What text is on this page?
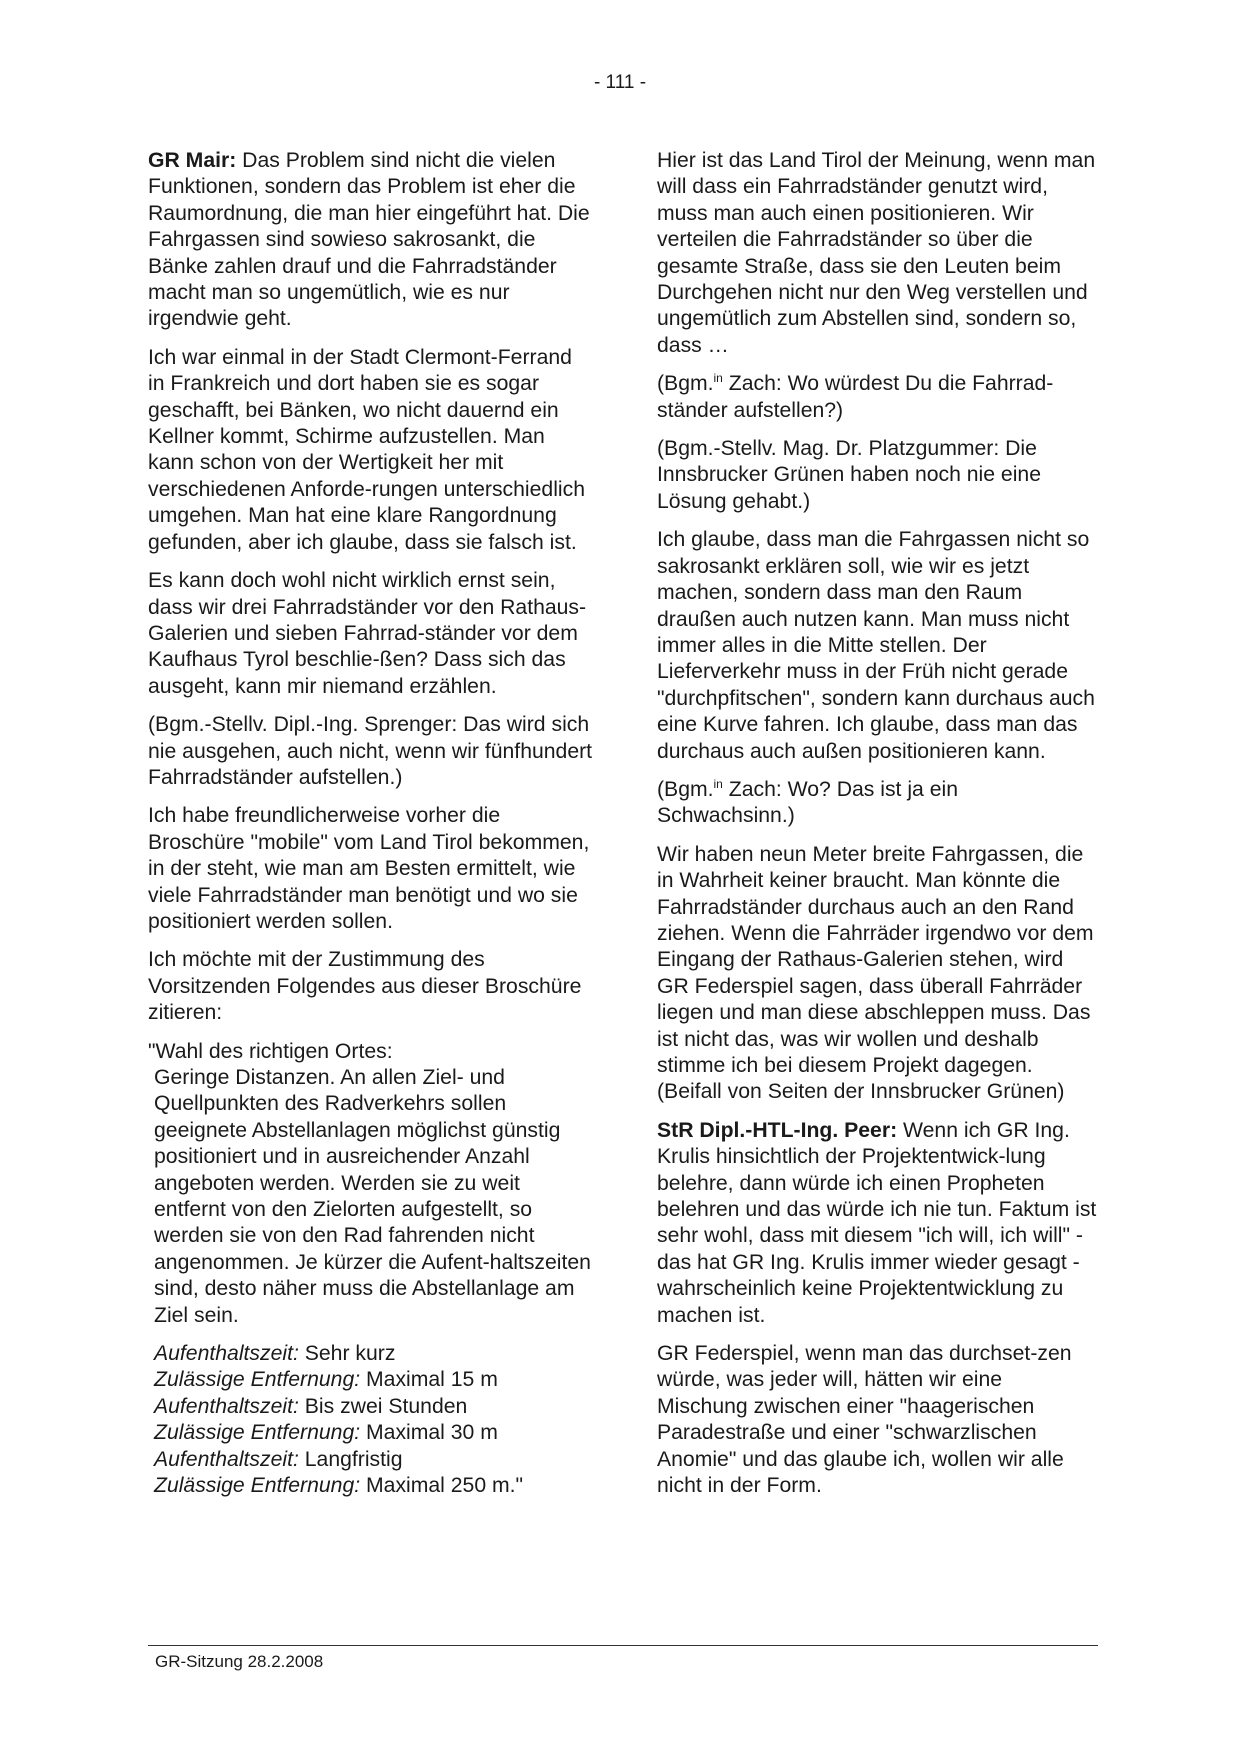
- 111 -

GR Mair: Das Problem sind nicht die vielen Funktionen, sondern das Problem ist eher die Raumordnung, die man hier eingeführt hat. Die Fahrgassen sind sowieso sakrosankt, die Bänke zahlen drauf und die Fahrradständer macht man so ungemütlich, wie es nur irgendwie geht.

Ich war einmal in der Stadt Clermont-Ferrand in Frankreich und dort haben sie es sogar geschafft, bei Bänken, wo nicht dauernd ein Kellner kommt, Schirme aufzustellen. Man kann schon von der Wertigkeit her mit verschiedenen Anforde-rungen unterschiedlich umgehen. Man hat eine klare Rangordnung gefunden, aber ich glaube, dass sie falsch ist.

Es kann doch wohl nicht wirklich ernst sein, dass wir drei Fahrradständer vor den Rathaus-Galerien und sieben Fahrrad-ständer vor dem Kaufhaus Tyrol beschlie-ßen? Dass sich das ausgeht, kann mir niemand erzählen.

(Bgm.-Stellv. Dipl.-Ing. Sprenger: Das wird sich nie ausgehen, auch nicht, wenn wir fünfhundert Fahrradständer aufstellen.)

Ich habe freundlicherweise vorher die Broschüre "mobile" vom Land Tirol bekommen, in der steht, wie man am Besten ermittelt, wie viele Fahrradständer man benötigt und wo sie positioniert werden sollen.

Ich möchte mit der Zustimmung des Vorsitzenden Folgendes aus dieser Broschüre zitieren:

"Wahl des richtigen Ortes:
Geringe Distanzen. An allen Ziel- und Quellpunkten des Radverkehrs sollen geeignete Abstellanlagen möglichst günstig positioniert und in ausreichender Anzahl angeboten werden. Werden sie zu weit entfernt von den Zielorten aufgestellt, so werden sie von den Rad fahrenden nicht angenommen. Je kürzer die Aufent-haltszeiten sind, desto näher muss die Abstellanlage am Ziel sein.

Aufenthaltszeit: Sehr kurz
Zulässige Entfernung: Maximal 15 m
Aufenthaltszeit: Bis zwei Stunden
Zulässige Entfernung: Maximal 30 m
Aufenthaltszeit: Langfristig
Zulässige Entfernung: Maximal 250 m."

Hier ist das Land Tirol der Meinung, wenn man will dass ein Fahrradständer genutzt wird, muss man auch einen positionieren. Wir verteilen die Fahrradständer so über die gesamte Straße, dass sie den Leuten beim Durchgehen nicht nur den Weg verstellen und ungemütlich zum Abstellen sind, sondern so, dass …

(Bgm.$^{in}$ Zach: Wo würdest Du die Fahrrad-ständer aufstellen?)

(Bgm.-Stellv. Mag. Dr. Platzgummer: Die Innsbrucker Grünen haben noch nie eine Lösung gehabt.)

Ich glaube, dass man die Fahrgassen nicht so sakrosankt erklären soll, wie wir es jetzt machen, sondern dass man den Raum draußen auch nutzen kann. Man muss nicht immer alles in die Mitte stellen. Der Lieferverkehr muss in der Früh nicht gerade "durchpfitschen", sondern kann durchaus auch eine Kurve fahren. Ich glaube, dass man das durchaus auch außen positionieren kann.

(Bgm.$^{in}$ Zach: Wo? Das ist ja ein Schwachsinn.)

Wir haben neun Meter breite Fahrgassen, die in Wahrheit keiner braucht. Man könnte die Fahrradständer durchaus auch an den Rand ziehen. Wenn die Fahrräder irgendwo vor dem Eingang der Rathaus-Galerien stehen, wird GR Federspiel sagen, dass überall Fahrräder liegen und man diese abschleppen muss. Das ist nicht das, was wir wollen und deshalb stimme ich bei diesem Projekt dagegen. (Beifall von Seiten der Innsbrucker Grünen)

StR Dipl.-HTL-Ing. Peer: Wenn ich GR Ing. Krulis hinsichtlich der Projektentwick-lung belehre, dann würde ich einen Propheten belehren und das würde ich nie tun. Faktum ist sehr wohl, dass mit diesem "ich will, ich will" - das hat GR Ing. Krulis immer wieder gesagt - wahrscheinlich keine Projektentwicklung zu machen ist.

GR Federspiel, wenn man das durchset-zen würde, was jeder will, hätten wir eine Mischung zwischen einer "haagerischen Paradestraße und einer "schwarzlischen Anomie" und das glaube ich, wollen wir alle nicht in der Form.

GR-Sitzung 28.2.2008
